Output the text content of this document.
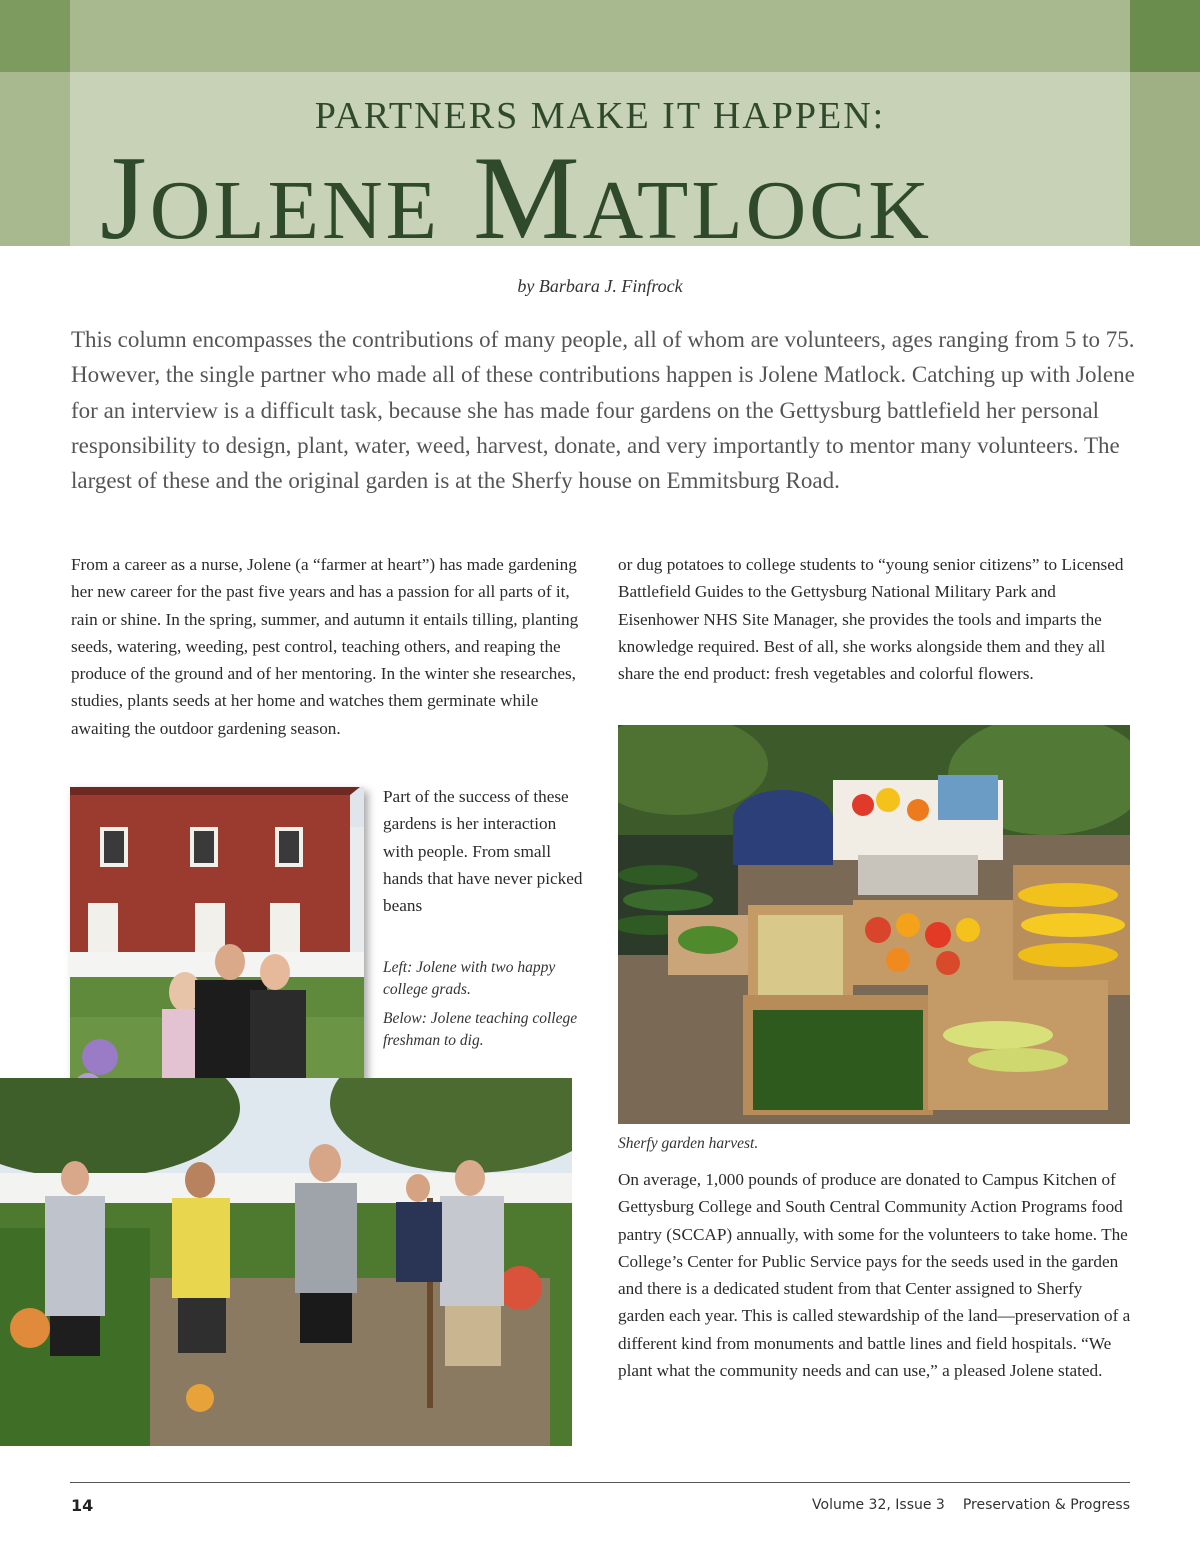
PARTNERS MAKE IT HAPPEN:
Jolene Matlock
by Barbara J. Finfrock
This column encompasses the contributions of many people, all of whom are volunteers, ages ranging from 5 to 75. However, the single partner who made all of these contributions happen is Jolene Matlock. Catching up with Jolene for an interview is a difficult task, because she has made four gardens on the Gettysburg battlefield her personal responsibility to design, plant, water, weed, harvest, donate, and very importantly to mentor many volunteers. The largest of these and the original garden is at the Sherfy house on Emmitsburg Road.
From a career as a nurse, Jolene (a “farmer at heart”) has made gardening her new career for the past five years and has a passion for all parts of it, rain or shine. In the spring, summer, and autumn it entails tilling, planting seeds, watering, weeding, pest control, teaching others, and reaping the produce of the ground and of her mentoring. In the winter she researches, studies, plants seeds at her home and watches them germinate while awaiting the outdoor gardening season.
Part of the success of these gardens is her interaction with people. From small hands that have never picked beans
or dug potatoes to college students to “young senior citizens” to Licensed Battlefield Guides to the Gettysburg National Military Park and Eisenhower NHS Site Manager, she provides the tools and imparts the knowledge required. Best of all, she works alongside them and they all share the end product: fresh vegetables and colorful flowers.
On average, 1,000 pounds of produce are donated to Campus Kitchen of Gettysburg College and South Central Community Action Programs food pantry (SCCAP) annually, with some for the volunteers to take home. The College’s Center for Public Service pays for the seeds used in the garden and there is a dedicated student from that Center assigned to Sherfy garden each year. This is called stewardship of the land—preservation of a different kind from monuments and battle lines and field hospitals. “We plant what the community needs and can use,” a pleased Jolene stated.
Left: Jolene with two happy college grads.
Below: Jolene teaching college freshman to dig.
Sherfy garden harvest.
14	Volume 32, Issue 3 Preservation & Progress
